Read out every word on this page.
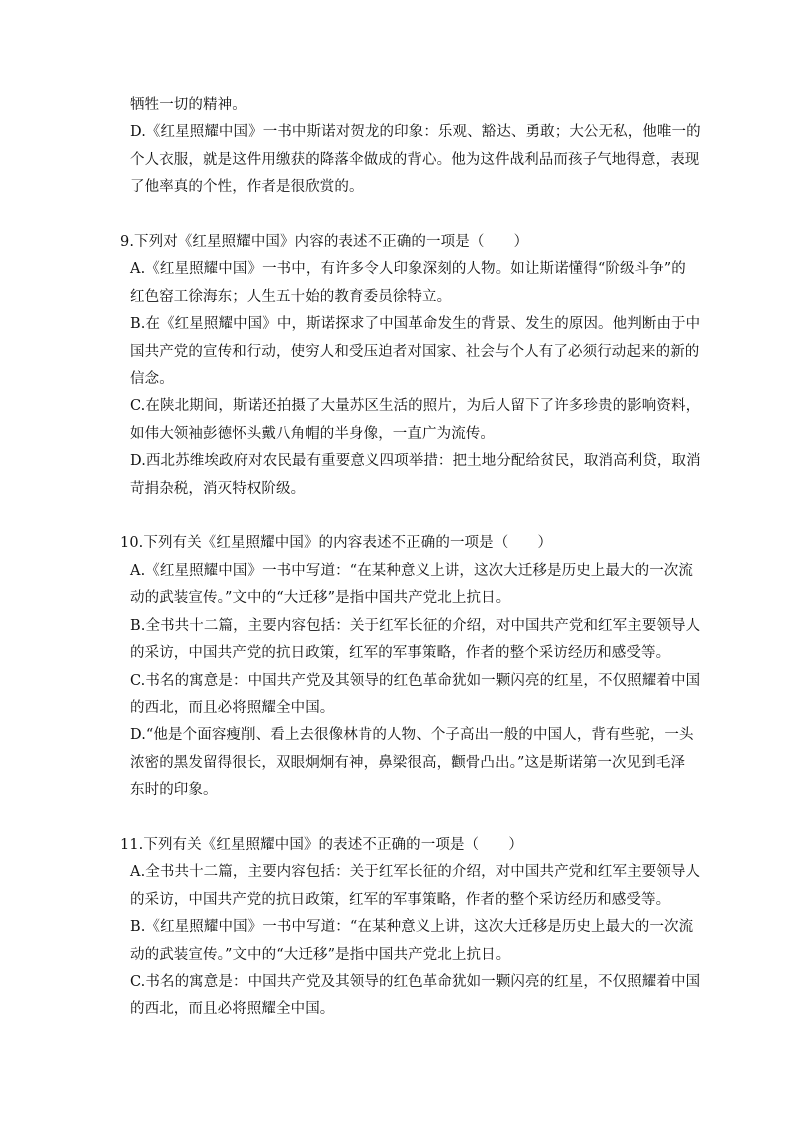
牺牲一切的精神。
D.《红星照耀中国》一书中斯诺对贺龙的印象：乐观、豁达、勇敢；大公无私，他唯一的
个人衣服，就是这件用缴获的降落伞做成的背心。他为这件战利品而孩子气地得意，表现
了他率真的个性，作者是很欣赏的。
9.下列对《红星照耀中国》内容的表述不正确的一项是（　　）
A.《红星照耀中国》一书中，有许多令人印象深刻的人物。如让斯诺懂得“阶级斗争”的
红色窑工徐海东；人生五十始的教育委员徐特立。
B.在《红星照耀中国》中，斯诺探求了中国革命发生的背景、发生的原因。他判断由于中
国共产党的宣传和行动，使穷人和受压迫者对国家、社会与个人有了必须行动起来的新的
信念。
C.在陕北期间，斯诺还拍摄了大量苏区生活的照片，为后人留下了许多珍贵的影响资料，
如伟大领袖彭德怀头戴八角帽的半身像，一直广为流传。
D.西北苏维埃政府对农民最有重要意义四项举措：把土地分配给贫民，取消高利贷，取消
苛捐杂税，消灭特权阶级。
10.下列有关《红星照耀中国》的内容表述不正确的一项是（　　）
A.《红星照耀中国》一书中写道：“在某种意义上讲，这次大迁移是历史上最大的一次流
动的武装宣传。”文中的“大迁移”是指中国共产党北上抗日。
B.全书共十二篇，主要内容包括：关于红军长征的介绍，对中国共产党和红军主要领导人
的采访，中国共产党的抗日政策，红军的军事策略，作者的整个采访经历和感受等。
C.书名的寓意是：中国共产党及其领导的红色革命犹如一颗闪亮的红星，不仅照耀着中国
的西北，而且必将照耀全中国。
D.“他是个面容瘦削、看上去很像林肯的人物、个子高出一般的中国人，背有些驼，一头
浓密的黑发留得很长，双眼炯炯有神，鼻梁很高，颧骨凸出。”这是斯诺第一次见到毛泽
东时的印象。
11.下列有关《红星照耀中国》的表述不正确的一项是（　　）
A.全书共十二篇，主要内容包括：关于红军长征的介绍，对中国共产党和红军主要领导人
的采访，中国共产党的抗日政策，红军的军事策略，作者的整个采访经历和感受等。
B.《红星照耀中国》一书中写道：“在某种意义上讲，这次大迁移是历史上最大的一次流
动的武装宣传。”文中的“大迁移”是指中国共产党北上抗日。
C.书名的寓意是：中国共产党及其领导的红色革命犹如一颗闪亮的红星，不仅照耀着中国
的西北，而且必将照耀全中国。
